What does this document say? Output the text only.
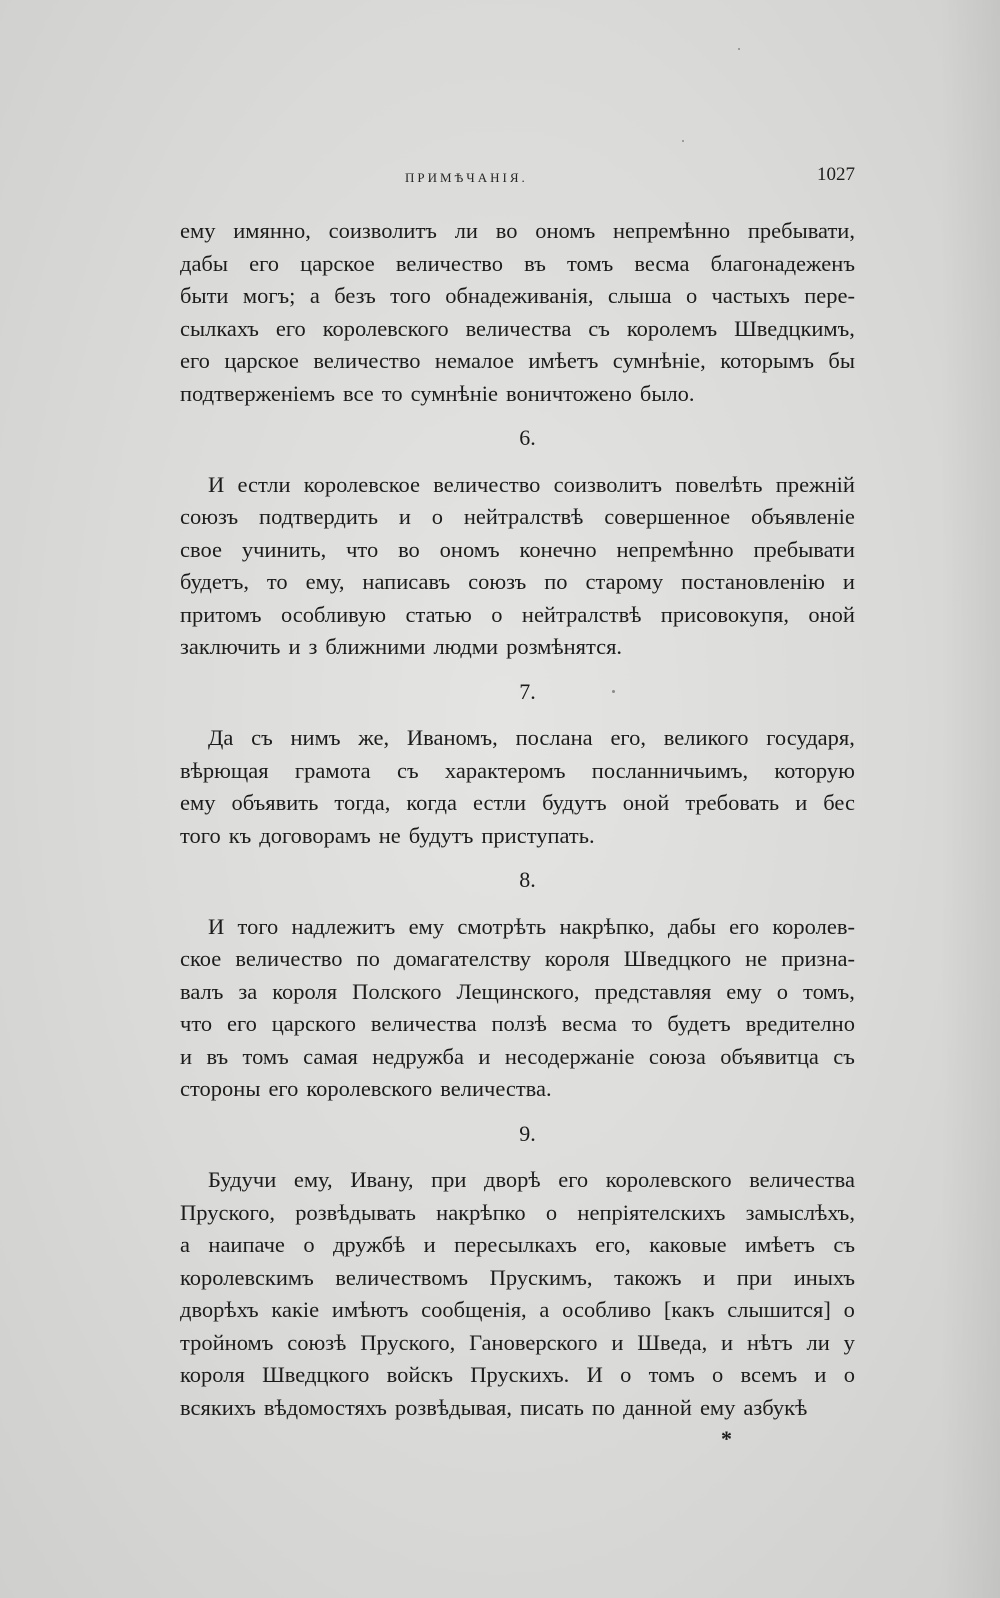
ПРИМѢЧАНІЯ.	1027
ему имянно, соизволитъ ли во ономъ непремѣнно пребывати,
дабы его царское величество въ томъ весма благонадеженъ
быти могъ; а безъ того обнадеживанія, слыша о частыхъ пере-
сылкахъ его королевского величества съ королемъ Шведцкимъ,
его царское величество немалое имѣетъ сумнѣніе, которымъ бы
подтверженіемъ все то сумнѣніе воничтожено было.
6.
И естли королевское величество соизволитъ повелѣть прежній
союзъ подтвердить и о нейтралствѣ совершенное объявленіе
свое учинить, что во ономъ конечно непремѣнно пребывати
будетъ, то ему, написавъ союзъ по старому постановленію и
притомъ особливую статью о нейтралствѣ присовокупя, оной
заключить и з ближними людми розмѣнятся.
7.
Да съ нимъ же, Иваномъ, послана его, великого государя,
вѣрющая грамота съ характеромъ посланничьимъ, которую
ему объявить тогда, когда естли будутъ оной требовать и бес
того къ договорамъ не будутъ приступать.
8.
И того надлежитъ ему смотрѣть накрѣпко, дабы его королев-
ское величество по домагателству короля Шведцкого не призна-
валъ за короля Полского Лещинского, представляя ему о томъ,
что его царского величества ползѣ весма то будетъ вредително
и въ томъ самая недружба и несодержаніе союза объявитца съ
стороны его королевского величества.
9.
Будучи ему, Ивану, при дворѣ его королевского величества
Пруского, розвѣдывать накрѣпко о непріятелскихъ замыслѣхъ,
а наипаче о дружбѣ и пересылкахъ его, каковые имѣетъ съ
королевскимъ величествомъ Прускимъ, такожъ и при иныхъ
дворѣхъ какіе имѣютъ сообщенія, а особливо [какъ слышится] о
тройномъ союзѣ Пруского, Гановерского и Шведа, и нѣтъ ли у
короля Шведцкого войскъ Прускихъ. И о томъ о всемъ и о
всякихъ вѣдомостяхъ розвѣдывая, писать по данной ему азбукѣ
*
